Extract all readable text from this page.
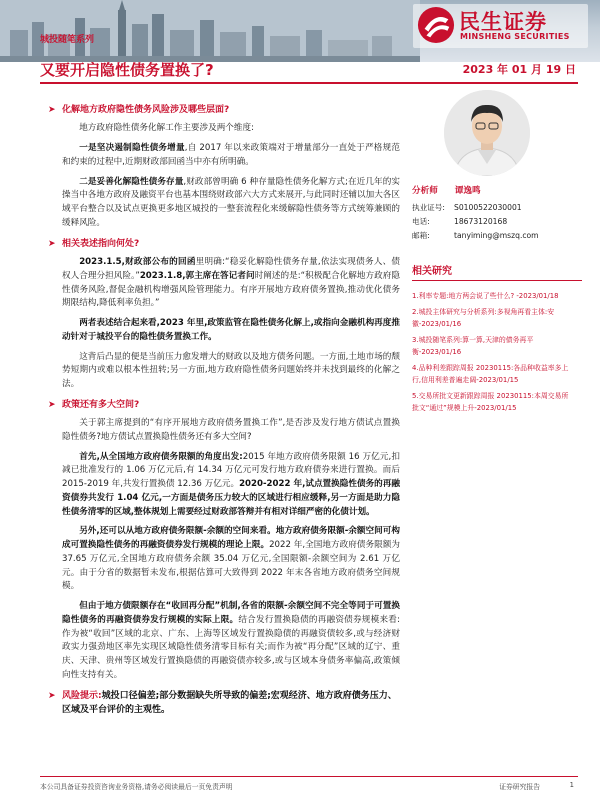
民生证券
MINSHENG SECURITIES
城投随笔系列
又要开启隐性债务置换了?	2023 年 01 月 19 日
➤ 化解地方政府隐性债务风险涉及哪些层面?

地方政府隐性债务化解工作主要涉及两个维度:

一是坚决遏制隐性债务增量,自 2017 年以来政策端对于增量部分一直处于严格规范和约束的过程中,近期财政部回函当中亦有所明确。

二是妥善化解隐性债务存量,财政部曾明确 6 种存量隐性债务化解方式;在近几年的实操当中各地方政府及融资平台也基本围绕财政部六大方式来展开,与此同时还辅以加大各区域平台整合以及试点更换更多地区城投的一整套流程化来缓解隐性债务等方式统筹兼顾的缓释风险。

➤ 相关表述指向何处?

2023.1.5,财政部公布的回函里明确:“稳妥化解隐性债务存量,依法实现债务人、债权人合理分担风险。”2023.1.8,郭主席在答记者问时阐述的是:“积极配合化解地方政府隐性债务风险,督促金融机构增强风险管理能力。有序开展地方政府债务置换,推动优化债务期限结构,降低利率负担。”

两者表述结合起来看,2023 年里,政策监管在隐性债务化解上,或指向金融机构再度推动针对于城投平台的隐性债务置换工作。

这背后凸显的便是当前压力愈发增大的财政以及地方债务问题。一方面,土地市场的颓势短期内或难以根本性扭转;另一方面,地方政府隐性债务问题始终并未找到最终的化解之法。

➤ 政策还有多大空间?

关于郭主席提到的“有序开展地方政府债务置换工作”,是否涉及发行地方债试点置换隐性债务?地方债试点置换隐性债务还有多大空间?

首先,从全国地方政府债务限额的角度出发:2015 年地方政府债务限额 16 万亿元,扣减已批准发行的 1.06 万亿元后,有 14.34 万亿元可发行地方政府债券来进行置换。而后 2015-2019 年,共发行置换债 12.36 万亿元。2020-2022 年,试点置换隐性债务的再融资债券共发行 1.04 亿元,一方面是债务压力较大的区域进行相应缓释,另一方面是助力隐性债务清零的区域,整体规划上需要经过财政部答辩并有相对详细严密的化债计划。

另外,还可以从地方政府债务限额-余额的空间来看。地方政府债务限额-余额空间可构成可置换隐性债务的再融资债券发行规模的理论上限。2022 年,全国地方政府债务限额为 37.65 万亿元,全国地方政府债务余额 35.04 万亿元,全国限额-余额空间为 2.61 万亿元。由于分省的数据暂未发布,根据估算可大致得到 2022 年末各省地方政府债务空间规模。

但由于地方债限额存在“收回再分配”机制,各省的限额-余额空间不完全等同于可置换隐性债务的再融资债券发行规模的实际上限。结合发行置换隐债的再融资债券规模来看:作为被“收回”区域的北京、广东、上海等区域发行置换隐债的再融资债较多,或与经济财政实力强劲地区率先实现区域隐性债务清零目标有关;而作为被“再分配”区域的辽宁、重庆、天津、贵州等区域发行置换隐债的再融资债亦较多,或与区域本身债务率偏高,政策倾向性支持有关。

➤ 风险提示:城投口径偏差;部分数据缺失所导致的偏差;宏观经济、地方政府债务压力、区域及平台评价的主观性。
分析师 谭逸鸣
执业证号: S0100522030001
电话:	18673120168
邮箱:	tanyiming@mszq.com
相关研究
1.利率专题:地方两会说了些什么? -2023/01/18
2.城投主体研究与分析系列:多视角再看主体:安徽-2023/01/16
3.城投随笔系列:算一算,天津的债务再平衡-2023/01/16
4.品种利差跟踪周报 20230115:各品种收益率多上行,信用利差普遍走阔-2023/01/15
5.交易所批文更新跟踪周报 20230115:本周交易所批文“通过”规模上升-2023/01/15
本公司具备证券投资咨询业务资格,请务必阅读最后一页免责声明	证券研究报告	1
